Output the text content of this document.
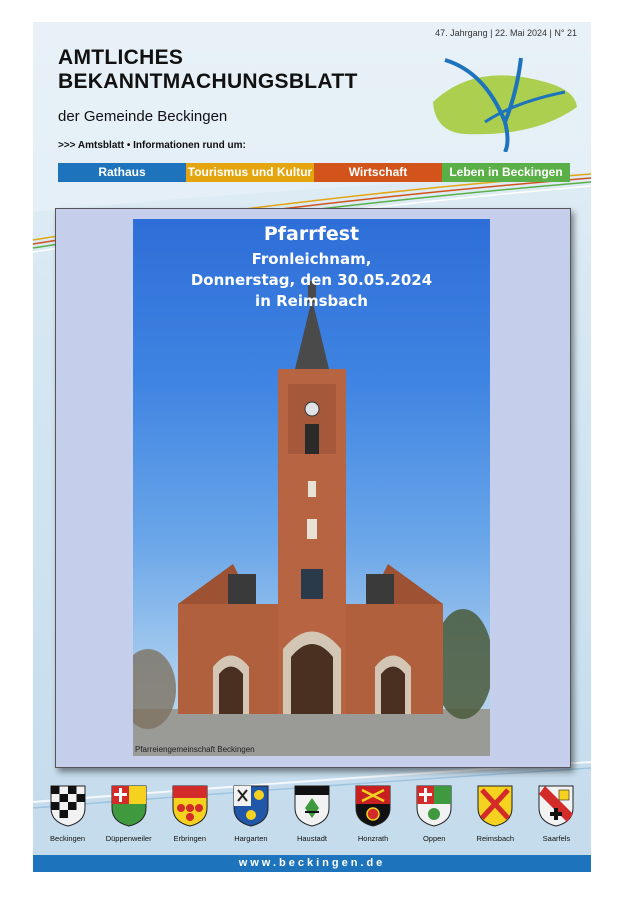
47. Jahrgang | 22. Mai 2024 | N° 21
AMTLICHES
BEKANNTMACHUNGSBLATT
der Gemeinde Beckingen
>>> Amtsblatt • Informationen rund um:
Rathaus	Tourismus und Kultur	Wirtschaft	Leben in Beckingen
Pfarrfest
Fronleichnam,
Donnerstag, den 30.05.2024
in Reimsbach
Pfarreiengemeinschaft Beckingen
Beckingen	Düppenweiler	Erbringen	Hargarten	Haustadt	Honzrath	Oppen	Reimsbach	Saarfels
www.beckingen.de
